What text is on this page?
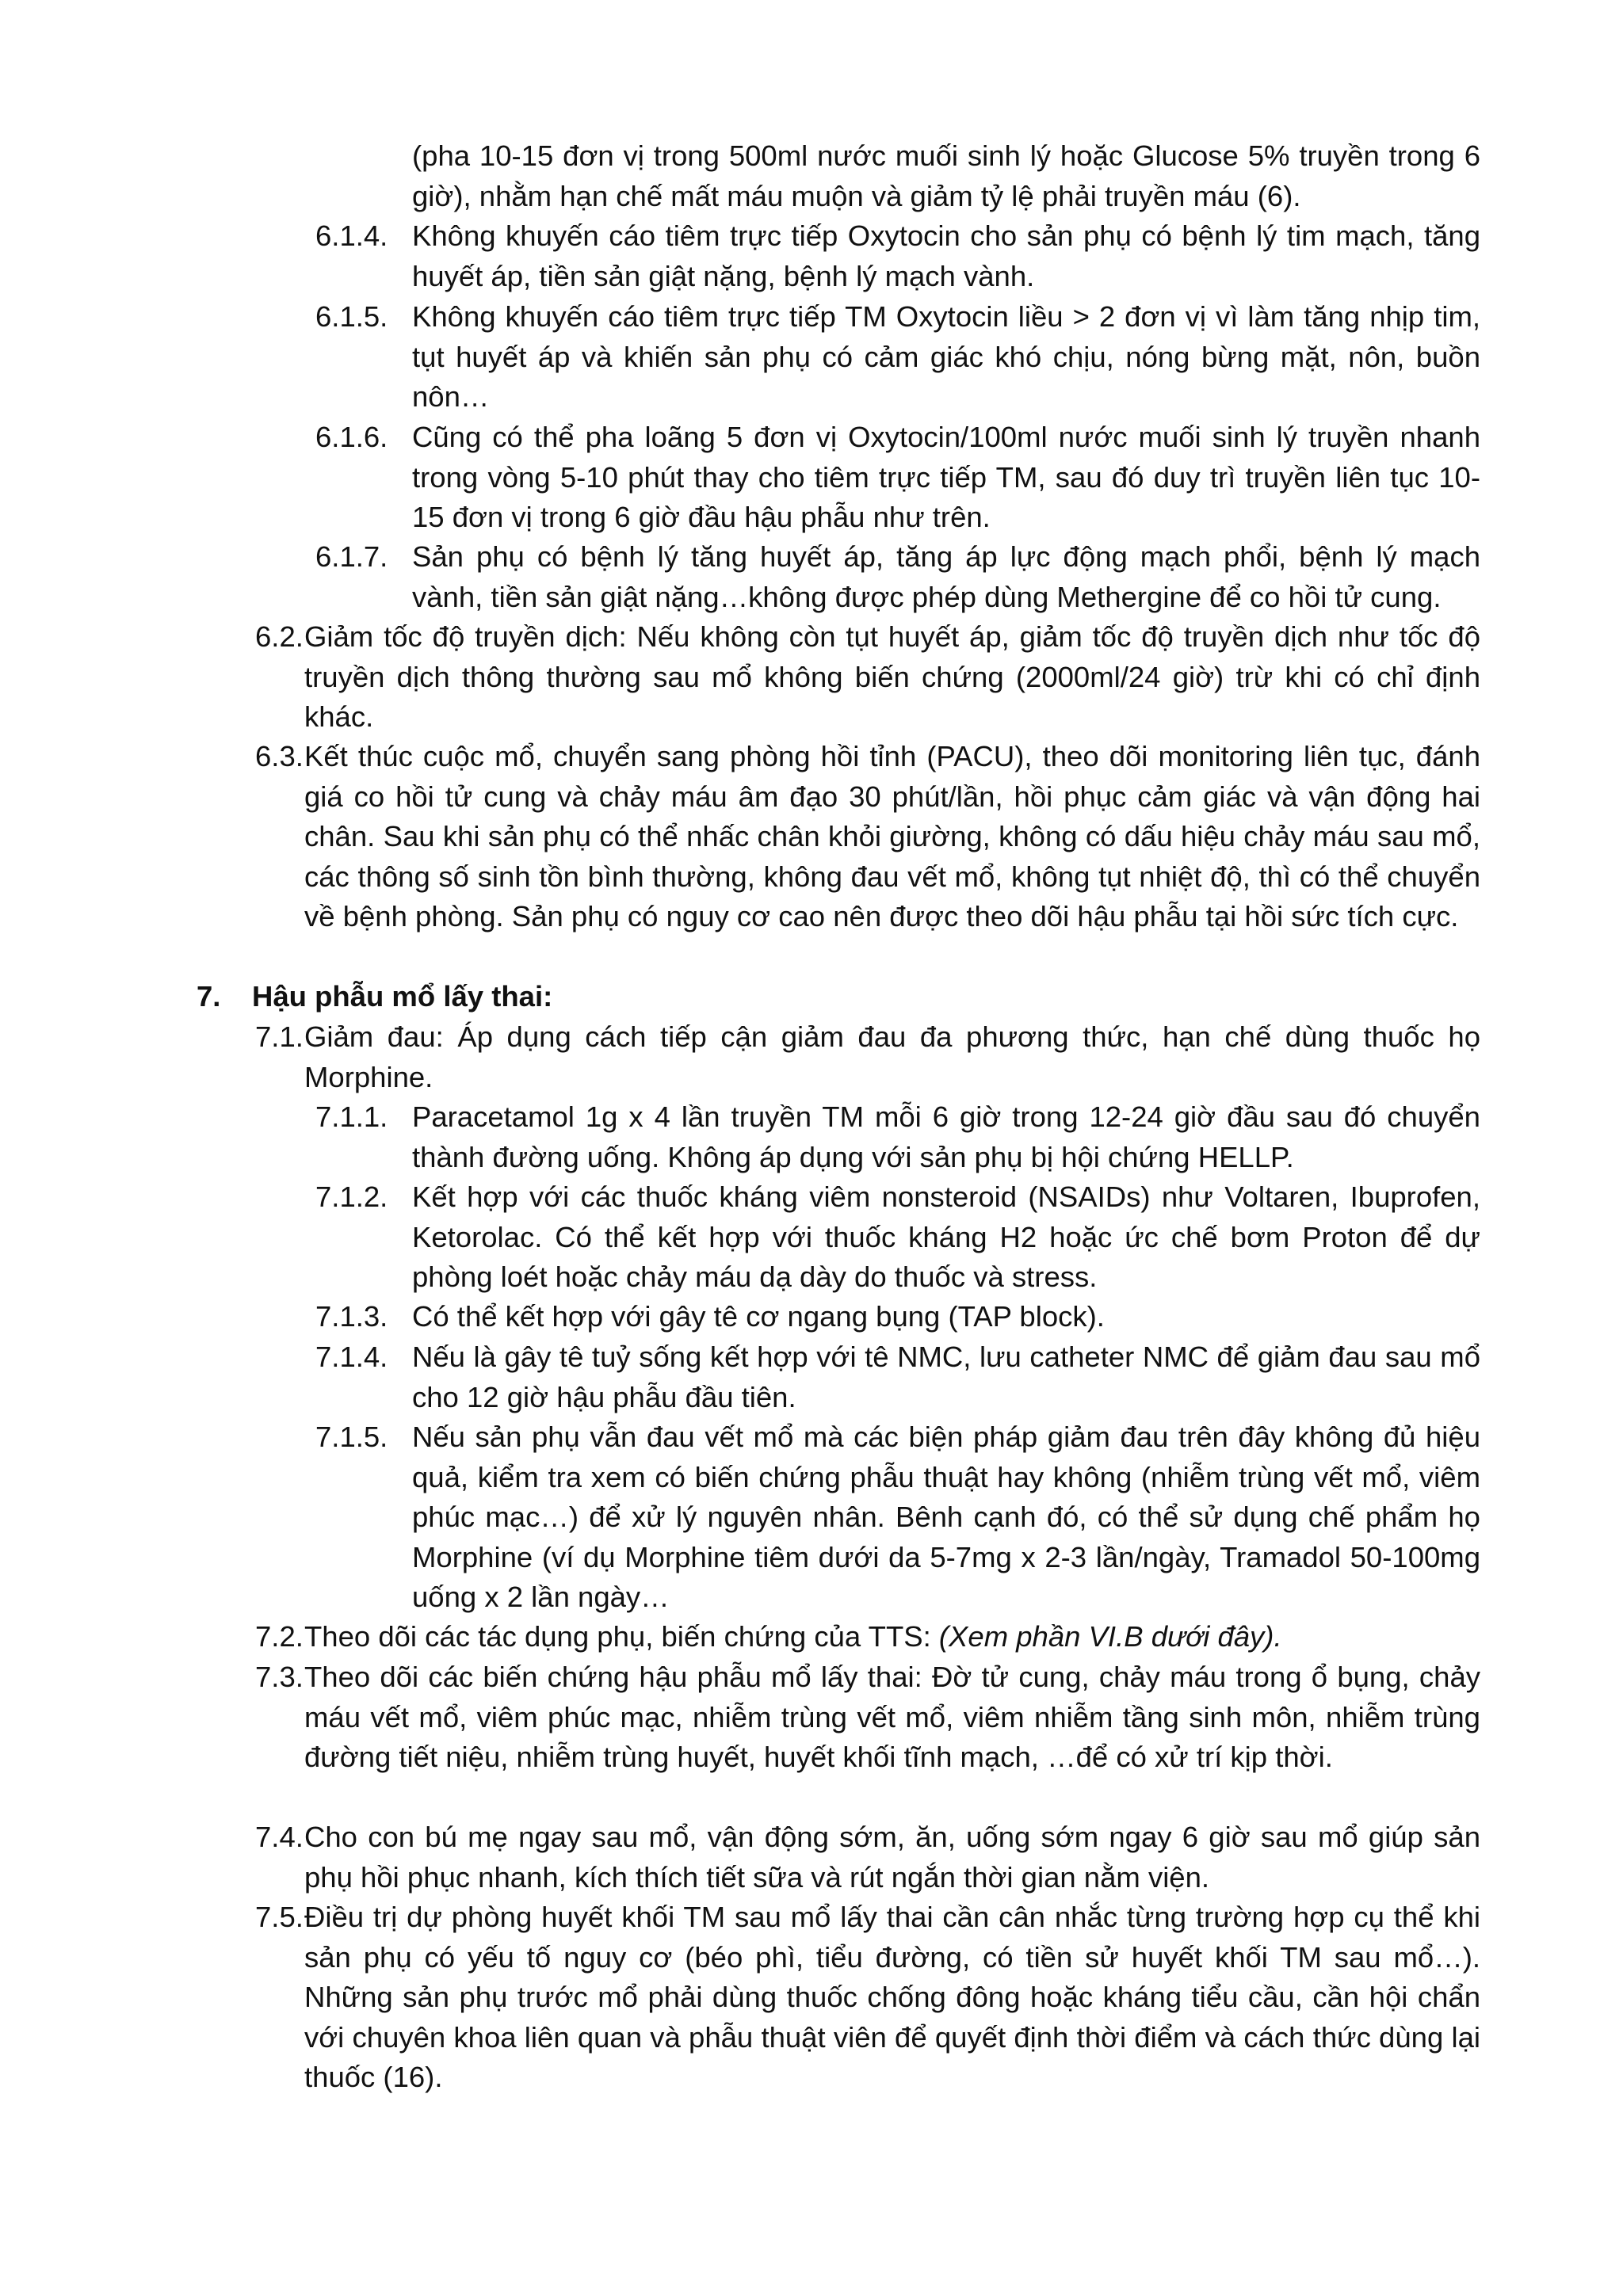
(pha 10-15 đơn vị trong 500ml nước muối sinh lý hoặc Glucose 5% truyền trong 6 giờ), nhằm hạn chế mất máu muộn và giảm tỷ lệ phải truyền máu (6).
6.1.4. Không khuyến cáo tiêm trực tiếp Oxytocin cho sản phụ có bệnh lý tim mạch, tăng huyết áp, tiền sản giật nặng, bệnh lý mạch vành.
6.1.5. Không khuyến cáo tiêm trực tiếp TM Oxytocin liều > 2 đơn vị vì làm tăng nhịp tim, tụt huyết áp và khiến sản phụ có cảm giác khó chịu, nóng bừng mặt, nôn, buồn nôn…
6.1.6. Cũng có thể pha loãng 5 đơn vị Oxytocin/100ml nước muối sinh lý truyền nhanh trong vòng 5-10 phút thay cho tiêm trực tiếp TM, sau đó duy trì truyền liên tục 10-15 đơn vị trong 6 giờ đầu hậu phẫu như trên.
6.1.7. Sản phụ có bệnh lý tăng huyết áp, tăng áp lực động mạch phổi, bệnh lý mạch vành, tiền sản giật nặng…không được phép dùng Methergine để co hồi tử cung.
6.2. Giảm tốc độ truyền dịch: Nếu không còn tụt huyết áp, giảm tốc độ truyền dịch như tốc độ truyền dịch thông thường sau mổ không biến chứng (2000ml/24 giờ) trừ khi có chỉ định khác.
6.3. Kết thúc cuộc mổ, chuyển sang phòng hồi tỉnh (PACU), theo dõi monitoring liên tục, đánh giá co hồi tử cung và chảy máu âm đạo 30 phút/lần, hồi phục cảm giác và vận động hai chân. Sau khi sản phụ có thể nhấc chân khỏi giường, không có dấu hiệu chảy máu sau mổ, các thông số sinh tồn bình thường, không đau vết mổ, không tụt nhiệt độ, thì có thể chuyển về bệnh phòng. Sản phụ có nguy cơ cao nên được theo dõi hậu phẫu tại hồi sức tích cực.
7. Hậu phẫu mổ lấy thai:
7.1. Giảm đau: Áp dụng cách tiếp cận giảm đau đa phương thức, hạn chế dùng thuốc họ Morphine.
7.1.1. Paracetamol 1g x 4 lần truyền TM mỗi 6 giờ trong 12-24 giờ đầu sau đó chuyển thành đường uống. Không áp dụng với sản phụ bị hội chứng HELLP.
7.1.2. Kết hợp với các thuốc kháng viêm nonsteroid (NSAIDs) như Voltaren, Ibuprofen, Ketorolac. Có thể kết hợp với thuốc kháng H2 hoặc ức chế bơm Proton để dự phòng loét hoặc chảy máu dạ dày do thuốc và stress.
7.1.3. Có thể kết hợp với gây tê cơ ngang bụng (TAP block).
7.1.4. Nếu là gây tê tuỷ sống kết hợp với tê NMC, lưu catheter NMC để giảm đau sau mổ cho 12 giờ hậu phẫu đầu tiên.
7.1.5. Nếu sản phụ vẫn đau vết mổ mà các biện pháp giảm đau trên đây không đủ hiệu quả, kiểm tra xem có biến chứng phẫu thuật hay không (nhiễm trùng vết mổ, viêm phúc mạc…) để xử lý nguyên nhân. Bênh cạnh đó, có thể sử dụng chế phẩm họ Morphine (ví dụ Morphine tiêm dưới da 5-7mg x 2-3 lần/ngày, Tramadol 50-100mg uống x 2 lần ngày…
7.2. Theo dõi các tác dụng phụ, biến chứng của TTS: (Xem phần VI.B dưới đây).
7.3. Theo dõi các biến chứng hậu phẫu mổ lấy thai: Đờ tử cung, chảy máu trong ổ bụng, chảy máu vết mổ, viêm phúc mạc, nhiễm trùng vết mổ, viêm nhiễm tầng sinh môn, nhiễm trùng đường tiết niệu, nhiễm trùng huyết, huyết khối tĩnh mạch, …để có xử trí kịp thời.
7.4. Cho con bú mẹ ngay sau mổ, vận động sớm, ăn, uống sớm ngay 6 giờ sau mổ giúp sản phụ hồi phục nhanh, kích thích tiết sữa và rút ngắn thời gian nằm viện.
7.5. Điều trị dự phòng huyết khối TM sau mổ lấy thai cần cân nhắc từng trường hợp cụ thể khi sản phụ có yếu tố nguy cơ (béo phì, tiểu đường, có tiền sử huyết khối TM sau mổ…). Những sản phụ trước mổ phải dùng thuốc chống đông hoặc kháng tiểu cầu, cần hội chẩn với chuyên khoa liên quan và phẫu thuật viên để quyết định thời điểm và cách thức dùng lại thuốc (16).
